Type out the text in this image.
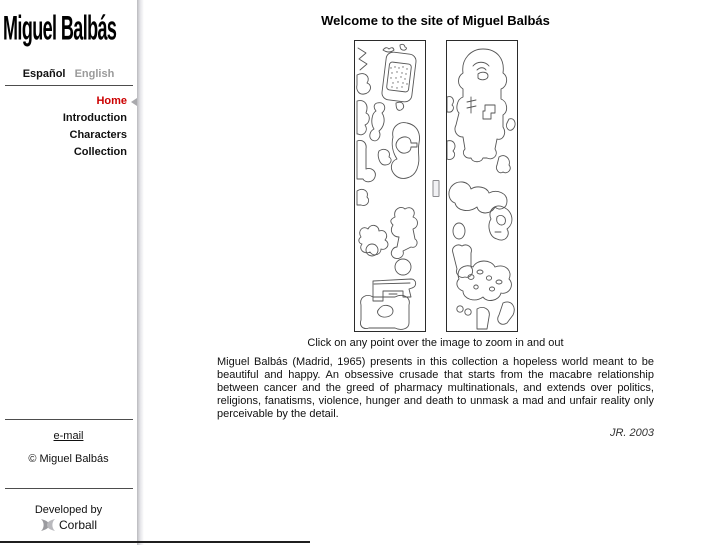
Miguel Balbás
Español English
Home
Introduction
Characters
Collection
e-mail
© Miguel Balbás
Developed by
Corball
Welcome to the site of Miguel Balbás
Click on any point over the image to zoom in and out

Miguel Balbás (Madrid, 1965) presents in this collection a hopeless world meant to be beautiful and happy. An obsessive crusade that starts from the macabre relationship between cancer and the greed of pharmacy multinationals, and extends over politics, religions, fanatisms, violence, hunger and death to unmask a mad and unfair reality only perceivable by the detail.

JR. 2003
